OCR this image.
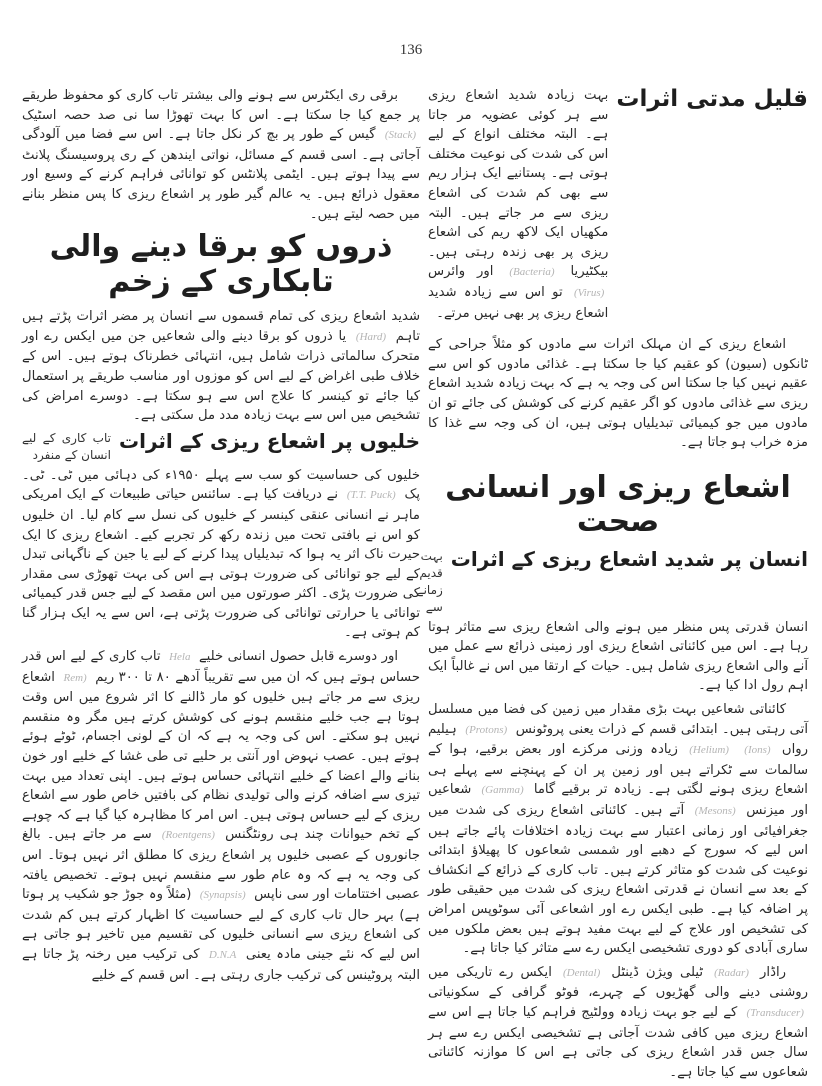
136

برقی ری ایکٹرس سے ہونے والی بیشتر تاب کاری کو محفوظ طریقے پر جمع کیا جا سکتا ہے۔ اس کا بہت تھوڑا سا نی صد حصہ اسٹیک (Stack) گیس کے طور پر بچ کر نکل جاتا ہے۔ اس سے فضا میں آلودگی آجاتی ہے۔ اسی قسم کے مسائل، نواتی ایندھن کے ری پروسیسنگ پلانٹ سے پیدا ہوتے ہیں۔ ایٹمی پلانٹس کو توانائی فراہم کرنے کے وسیع اور معقول ذرائع ہیں۔ یہ عالم گیر طور پر اشعاع ریزی کا پس منظر بنانے میں حصہ لیتے ہیں۔

ذروں کو برقا دینے والی تابکاری کے زخم

شدید اشعاع ریزی کی تمام قسموں سے انسان پر مضر اثرات پڑتے ہیں تاہم (Hard) یا ذروں کو برقا دینے والی شعاعیں جن میں ایکس رے اور متحرک سالماتی ذرات شامل ہیں، انتہائی خطرناک ہوتے ہیں۔ اس کے خلاف طبی اغراض کے لیے اس کو موزوں اور مناسب طریقے پر استعمال کیا جائے تو کینسر کا علاج اس سے ہو سکتا ہے۔ دوسرے امراض کی تشخیص میں اس سے بہت زیادہ مدد مل سکتی ہے۔

خلیوں پر اشعاع ریزی کے اثرات
تاب کاری کے لیے انسان کے منفرد

خلیوں کی حساسیت کو سب سے پہلے ۱۹۵۰ء کی دہائی میں ٹی۔ ٹی۔ پک (T.T. Puck) نے دریافت کیا ہے۔ سائنس حیاتی طبیعات کے ایک امریکی ماہر نے انسانی عنقی کینسر کے خلیوں کی نسل سے کام لیا۔ ان خلیوں کو اس نے بافتی تحت میں زندہ رکھ کر تجربے کیے۔ اشعاع ریزی کا ایک حیرت ناک اثر یہ ہوا کہ تبدیلیاں پیدا کرنے کے لیے یا جین کے ناگہانی تبدل کے لیے جو توانائی کی ضرورت ہوتی ہے اس کی بہت تھوڑی سی مقدار کی ضرورت پڑی۔ اکثر صورتوں میں اس مقصد کے لیے جس قدر کیمیائی توانائی یا حرارتی توانائی کی ضرورت پڑتی ہے، اس سے یہ ایک ہزار گنا کم ہوتی ہے۔

اور دوسرے قابل حصول انسانی خلیے Hela تاب کاری کے لیے اس قدر حساس ہوتے ہیں کہ ان میں سے تقریباً آدھے ۸۰ تا ۳۰۰ ریم Rem) اشعاع ریزی سے مر جاتے ہیں خلیوں کو مار ڈالنے کا اثر شروع میں اس وقت ہوتا ہے جب خلیے منقسم ہونے کی کوشش کرتے ہیں مگر وہ منقسم نہیں ہو سکتے۔ اس کی وجہ یہ ہے کہ ان کے لونی اجسام، ٹوٹے ہوئے ہوتے ہیں۔ عصب نہوض اور آنتی بر حلیے تی طی غشا کے خلیے اور خون بنانے والے اعضا کے خلیے انتہائی حساس ہوتے ہیں۔ اپنی تعداد میں بہت تیزی سے اضافہ کرنے والی تولیدی نظام کی بافتیں خاص طور سے اشعاع ریزی کے لیے حساس ہوتی ہیں۔ اس امر کا مظاہرہ کیا گیا ہے کہ چوہے کے تخم حیوانات چند ہی رونٹگنس (Roentgens) سے مر جاتے ہیں۔ بالغ جانوروں کے عصبی خلیوں پر اشعاع ریزی کا مطلق اثر نہیں ہوتا۔ اس کی وجہ یہ ہے کہ وہ عام طور سے منقسم نہیں ہوتے۔ تخصیص یافتہ عصبی اختتامات اور سی ناپس (Synapsis) (مثلاً وہ جوڑ جو شکیب پر ہوتا ہے) بہر حال تاب کاری کے لیے حساسیت کا اظہار کرتے ہیں کم شدت کی اشعاع ریزی سے انسانی خلیوں کی تقسیم میں تاخیر ہو جاتی ہے اس لیے کہ نئے جینی مادہ یعنی D.N.A کی ترکیب میں رخنہ پڑ جاتا ہے البتہ پروٹینس کی ترکیب جاری رہتی ہے۔ اس قسم کے خلیے

قلیل مدتی اثرات
بہت زیادہ شدید اشعاع ریزی سے ہر کوئی عضویہ مر جاتا ہے۔ البتہ مختلف انواع کے لیے اس کی شدت کی نوعیت مختلف ہوتی ہے۔ پستانیے ایک ہزار ریم سے بھی کم شدت کی اشعاع ریزی سے مر جاتے ہیں۔ البتہ مکھیاں ایک لاکھ ریم کی اشعاع ریزی پر بھی زندہ رہتی ہیں۔ بیکٹیریا (Bacteria) اور وائرس (Virus) تو اس سے زیادہ شدید اشعاع ریزی پر بھی نہیں مرتے۔

اشعاع ریزی کے ان مہلک اثرات سے مادوں کو مثلاً جراحی کے ٹانکوں (سیون) کو عقیم کیا جا سکتا ہے۔ غذائی مادوں کو اس سے عقیم نہیں کیا جا سکتا اس کی وجہ یہ ہے کہ بہت زیادہ شدید اشعاع ریزی سے غذائی مادوں کو اگر عقیم کرنے کی کوشش کی جائے تو ان مادوں میں جو کیمیائی تبدیلیاں ہوتی ہیں، ان کی وجہ سے غذا کا مزہ خراب ہو جاتا ہے۔

اشعاع ریزی اور انسانی صحت
انسان پر شدید اشعاع ریزی کے اثرات
بہت قدیم زمانے سے

انسان قدرتی پس منظر میں ہونے والی اشعاع ریزی سے متاثر ہوتا رہا ہے۔ اس میں کائناتی اشعاع ریزی اور زمینی ذرائع سے عمل میں آنے والی اشعاع ریزی شامل ہیں۔ حیات کے ارتقا میں اس نے غالباً ایک اہم رول ادا کیا ہے۔

کائناتی شعاعیں بہت بڑی مقدار میں زمین کی فضا میں مسلسل آتی رہتی ہیں۔ ابتدائی قسم کے ذرات یعنی پروٹونس (Protons) ہیلیم رواں (Helium) (Ions) زیادہ وزنی مرکزے اور بعض برقیے، ہوا کے سالمات سے ٹکراتے ہیں اور زمین پر ان کے پہنچنے سے پہلے ہی اشعاع ریزی ہونے لگتی ہے۔ زیادہ تر برقیے گاما (Gamma) شعاعیں اور میزنس (Mesons) آتے ہیں۔ کائناتی اشعاع ریزی کی شدت میں جغرافیائی اور زمانی اعتبار سے بہت زیادہ اختلافات پائے جاتے ہیں اس لیے کہ سورج کے دھبے اور شمسی شعاعوں کا پھیلاؤ ابتدائی نوعیت کی شدت کو متاثر کرتے ہیں۔ تاب کاری کے ذرائع کے انکشاف کے بعد سے انسان نے قدرتی اشعاع ریزی کی شدت میں حقیقی طور پر اضافہ کیا ہے۔ طبی ایکس رے اور اشعاعی آئی سوٹوپس امراض کی تشخیص اور علاج کے لیے بہت مفید ہوتے ہیں بعض ملکوں میں ساری آبادی کو دوری تشخیصی ایکس رے سے متاثر کیا جاتا ہے۔

راڈار (Radar) ٹیلی ویژن ڈینٹل (Dental) ایکس رے تاریکی میں روشنی دینے والی گھڑیوں کے چہرے، فوٹو گرافی کے سکونیاتی (Transducer) کے لیے جو بہت زیادہ وولٹیج فراہم کیا جاتا ہے اس سے اشعاع ریزی میں کافی شدت آجاتی ہے تشخیصی ایکس رے سے ہر سال جس قدر اشعاع ریزی کی جاتی ہے اس کا موازنہ کائناتی شعاعوں سے کیا جاتا ہے۔
